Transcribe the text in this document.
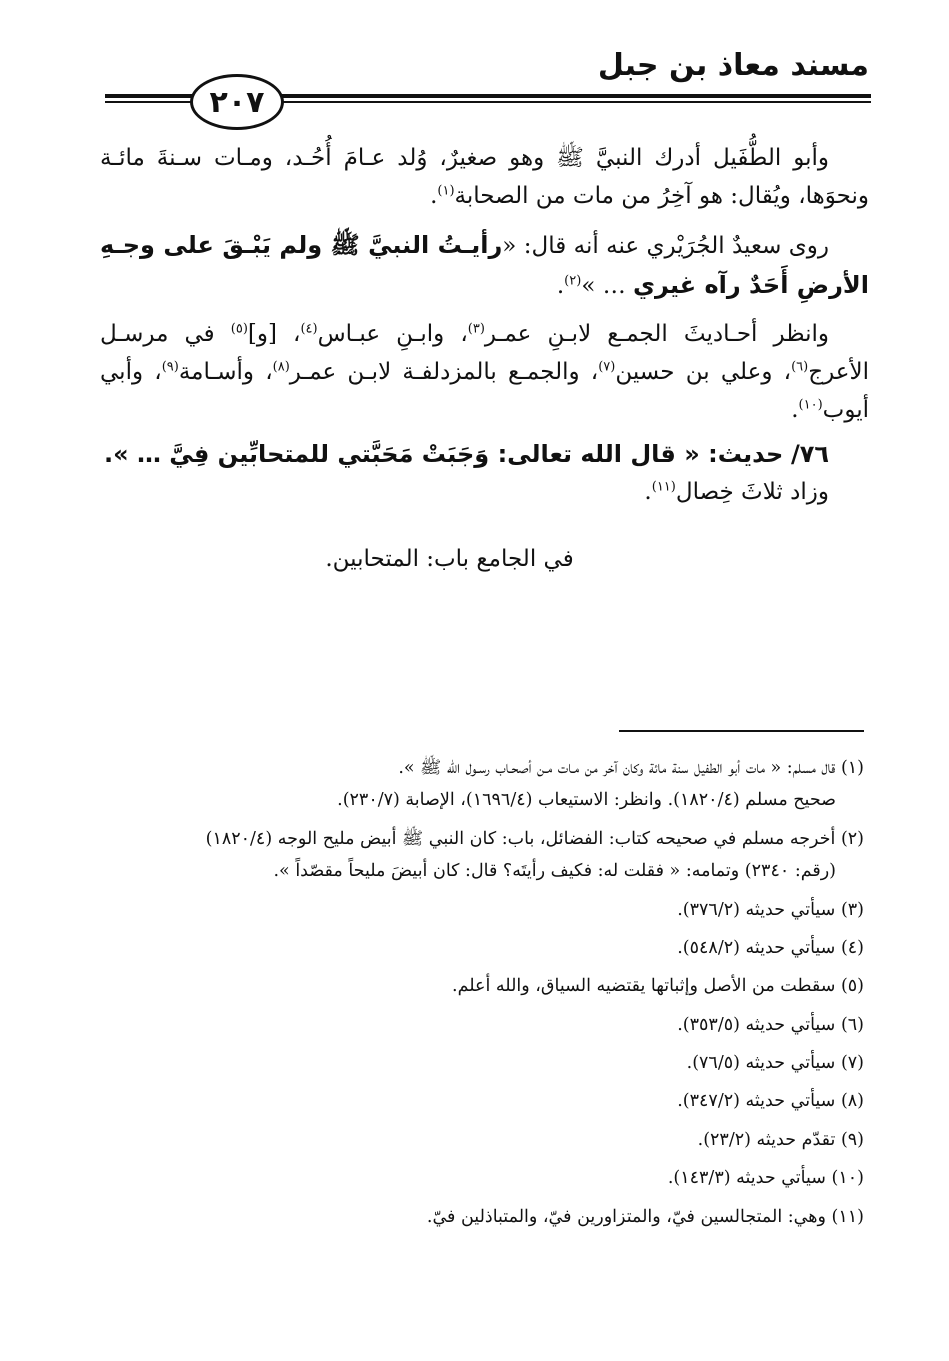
مسند معاذ بن جبل
٢٠٧

وأبو الطُّفَيل أدرك النبيَّ ﷺ وهو صغيرٌ، وُلد عـامَ أُحُـد، ومـات سـنةَ مائـة ونحوَها، ويُقال: هو آخِرُ من مات من الصحابة$^{(١)}$.

روى سعيدٌ الجُرَيْري عنه أنه قال: «رأيـتُ النبيَّ ﷺ ولم يَبْـقَ على وجـهِ الأرضِ أَحَدٌ رآه غيري … »$^{(٢)}$.

وانظر أحـاديثَ الجمـع لابـنِ عمـر$^{(٣)}$، وابـنِ عبـاس$^{(٤)}$، [و]$^{(٥)}$ في مرسـل الأعرج$^{(٦)}$، وعلي بن حسين$^{(٧)}$، والجمـع بالمزدلفـة لابـن عمـر$^{(٨)}$، وأسـامة$^{(٩)}$، وأبي أيوب$^{(١٠)}$.

٧٦/ حديث: « قال الله تعالى: وَجَبَتْ مَحَبَّتي للمتحابِّين فِيَّ … ».

وزاد ثلاثَ خِصال$^{(١١)}$.

في الجامع باب: المتحابين.
(١) قال مسلم: « مات أبو الطفيل سنة مائة وكان آخر من مـات مـن أصحـاب رسـول الله ﷺ ».
صحيح مسلم (١٨٢٠/٤). وانظر: الاستيعاب (١٦٩٦/٤)، الإصابة (٢٣٠/٧).
(٢) أخرجه مسلم في صحيحه كتاب: الفضائل، باب: كان النبي ﷺ أبيض مليح الوجه (١٨٢٠/٤)
(رقم: ٢٣٤٠) وتمامه: « فقلت له: فكيف رأيتَه؟ قال: كان أبيضَ مليحاً مقصّداً ».
(٣) سيأتي حديثه (٣٧٦/٢).
(٤) سيأتي حديثه (٥٤٨/٢).
(٥) سقطت من الأصل وإثباتها يقتضيه السياق، والله أعلم.
(٦) سيأتي حديثه (٣٥٣/٥).
(٧) سيأتي حديثه (٧٦/٥).
(٨) سيأتي حديثه (٣٤٧/٢).
(٩) تقدّم حديثه (٢٣/٢).
(١٠) سيأتي حديثه (١٤٣/٣).
(١١) وهي: المتجالسين فيّ، والمتزاورين فيّ، والمتباذلين فيّ.
